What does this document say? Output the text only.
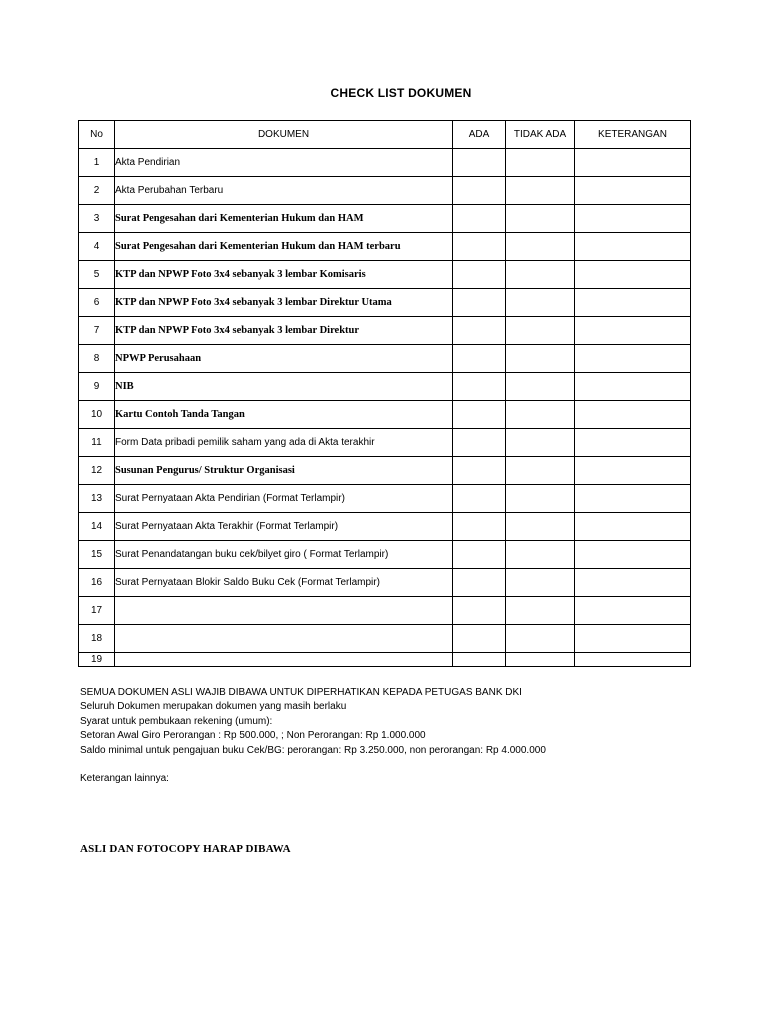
CHECK LIST DOKUMEN
No	DOKUMEN	ADA	TIDAK ADA	KETERANGAN
1	Akta Pendirian			
2	Akta Perubahan Terbaru			
3	Surat Pengesahan dari Kementerian Hukum dan HAM			
4	Surat Pengesahan dari Kementerian Hukum dan HAM terbaru			
5	KTP dan NPWP Foto 3x4 sebanyak 3 lembar Komisaris			
6	KTP dan NPWP Foto 3x4 sebanyak 3 lembar Direktur Utama			
7	KTP dan NPWP Foto 3x4 sebanyak 3 lembar Direktur			
8	NPWP Perusahaan			
9	NIB			
10	Kartu Contoh Tanda Tangan			
11	Form Data pribadi pemilik saham yang ada di Akta terakhir			
12	Susunan Pengurus/ Struktur Organisasi			
13	Surat Pernyataan Akta Pendirian (Format Terlampir)			
14	Surat Pernyataan Akta Terakhir (Format Terlampir)			
15	Surat Penandatangan buku cek/bilyet giro ( Format Terlampir)			
16	Surat Pernyataan Blokir Saldo Buku Cek (Format Terlampir)			
17				
18				
19				
SEMUA DOKUMEN ASLI WAJIB DIBAWA UNTUK DIPERHATIKAN KEPADA PETUGAS BANK DKI
Seluruh Dokumen merupakan dokumen yang masih berlaku
Syarat untuk pembukaan rekening (umum):
Setoran Awal Giro Perorangan : Rp 500.000, ; Non Perorangan: Rp 1.000.000
Saldo minimal untuk pengajuan buku Cek/BG: perorangan: Rp 3.250.000, non perorangan: Rp 4.000.000
Keterangan lainnya:
ASLI DAN FOTOCOPY HARAP DIBAWA
